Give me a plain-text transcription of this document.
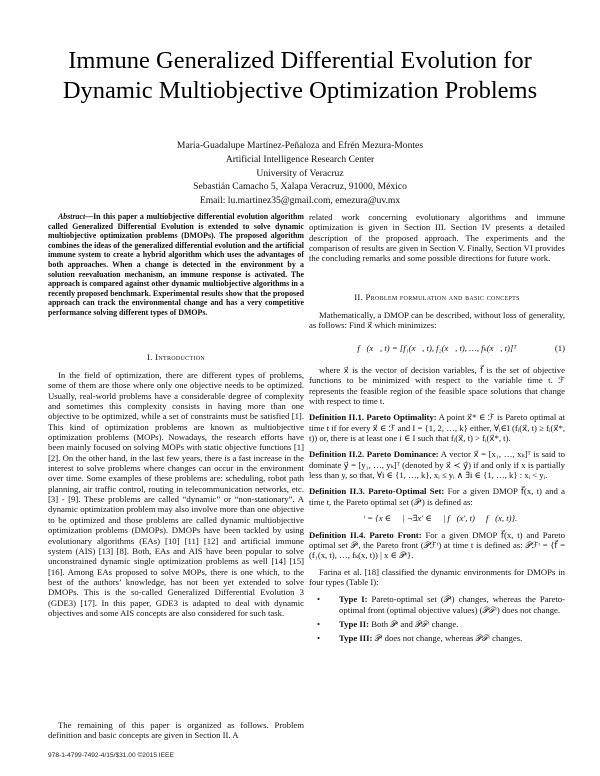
Immune Generalized Differential Evolution for
Dynamic Multiobjective Optimization Problems
María-Guadalupe Martínez-Peñaloza and Efrén Mezura-Montes
Artificial Intelligence Research Center
University of Veracruz
Sebastián Camacho 5, Xalapa Veracruz, 91000, México
Email: lu.martinez35@gmail.com, emezura@uv.mx

Abstract—In this paper a multiobjective differential evolution algorithm called Generalized Differential Evolution is extended to solve dynamic multiobjective optimization problems (DMOPs). The proposed algorithm combines the ideas of the generalized differential evolution and the artificial immune system to create a hybrid algorithm which uses the advantages of both approaches. When a change is detected in the environment by a solution reevaluation mechanism, an immune response is activated. The approach is compared against other dynamic multiobjective algorithms in a recently proposed benchmark. Experimental results show that the proposed approach can track the environmental change and has a very competitive performance solving different types of DMOPs.

I. Introduction

In the field of optimization, there are different types of problems, some of them are those where only one objective needs to be optimized. Usually, real-world problems have a considerable degree of complexity and sometimes this complexity consists in having more than one objective to be optimized, while a set of constraints must be satisfied [1]. This kind of optimization problems are known as multiobjective optimization problems (MOPs). Nowadays, the research efforts have been mainly focused on solving MOPs with static objective functions [1] [2]. On the other hand, in the last few years, there is a fast increase in the interest to solve problems where changes can occur in the environment over time. Some examples of these problems are: scheduling, robot path planning, air traffic control, routing in telecommunication networks, etc. [3] - [9]. These problems are called “dynamic” or “non-stationary”. A dynamic optimization problem may also involve more than one objective to be optimized and those problems are called dynamic multiobjective optimization problems (DMOPs). DMOPs have been tackled by using evolutionary algorithms (EAs) [10] [11] [12] and artificial immune system (AIS) [13] [8]. Both, EAs and AIS have been popular to solve unconstrained dynamic single optimization problems as well [14] [15] [16]. Among EAs proposed to solve MOPs, there is one which, to the best of the authors’ knowledge, has not been yet extended to solve DMOPs. This is the so-called Generalized Differential Evolution 3 (GDE3) [17]. In this paper, GDE3 is adapted to deal with dynamic objectives and some AIS concepts are also considered for such task.

The remaining of this paper is organized as follows. Problem definition and basic concepts are given in Section II. A

related work concerning evolutionary algorithms and immune optimization is given in Section III. Section IV presents a detailed description of the proposed approach. The experiments and the comparison of results are given in Section V. Finally, Section VI provides the concluding remarks and some possible directions for future work.

II. Problem formulation and basic concepts

Mathematically, a DMOP can be described, without loss of generality, as follows: Find x⃗ which minimizes:

f⃗(x⃗, t) = [f₁(x⃗, t), f₂(x⃗, t), …, fₖ(x⃗, t)]ᵀ	(1)

where x⃗ is the vector of decision variables, f⃗ is the set of objective functions to be minimized with respect to the variable time t. ℱ represents the feasible region of the feasible space solutions that change with respect to time t.

Definition II.1. Pareto Optimality: A point x⃗* ∈ ℱ is Pareto optimal at time t if for every x⃗ ∈ ℱ and I = {1, 2, …, k} either, ∀ᵢ∈I (fᵢ(x⃗, t) ≥ fᵢ(x⃗*, t)) or, there is at least one i ∈ I such that fᵢ(x⃗, t) > fᵢ(x⃗*, t).
Definition II.2. Pareto Dominance: A vector x⃗ = [x₁, …, xₖ]ᵀ is said to dominate y⃗ = [y₁, …, yₖ]ᵀ (denoted by x⃗ ≺ y⃗) if and only if x is partially less than y, so that, ∀i ∈ {1, …, k}, xᵢ ≤ yᵢ ∧ ∃i ∈ {1, …, k} : xᵢ < yᵢ.
Definition II.3. Pareto-Optimal Set: For a given DMOP f⃗(x, t) and a time t, the Pareto optimal set (𝒫ᵗ) is defined as:
𝒫ᵗ = {x ∈ ℱ | ¬∃x′ ∈ ℱ | f⃗(x′, t) ≺ f⃗(x, t)}.
Definition II.4. Pareto Front: For a given DMOP f⃗(x, t) and Pareto optimal set 𝒫ᵗ, the Pareto front (𝒫ℱᵗ) at time t is defined as: 𝒫ℱᵗ = {f⃗ = (f₁(x, t), …, fₖ(x, t)) | x ∈ 𝒫ᵗ}.

Farina et al. [18] classified the dynamic environments for DMOPs in four types (Table I):

• Type I: Pareto-optimal set (𝒫ᵗ) changes, whereas the Pareto-optimal front (optimal objective values) (𝒫ℱᵗ) does not change.
• Type II: Both 𝒫ᵗ and 𝒫ℱᵗ change.
• Type III: 𝒫ᵗ does not change, whereas 𝒫ℱᵗ changes.
978-1-4799-7492-4/15/$31.00 ©2015 IEEE
